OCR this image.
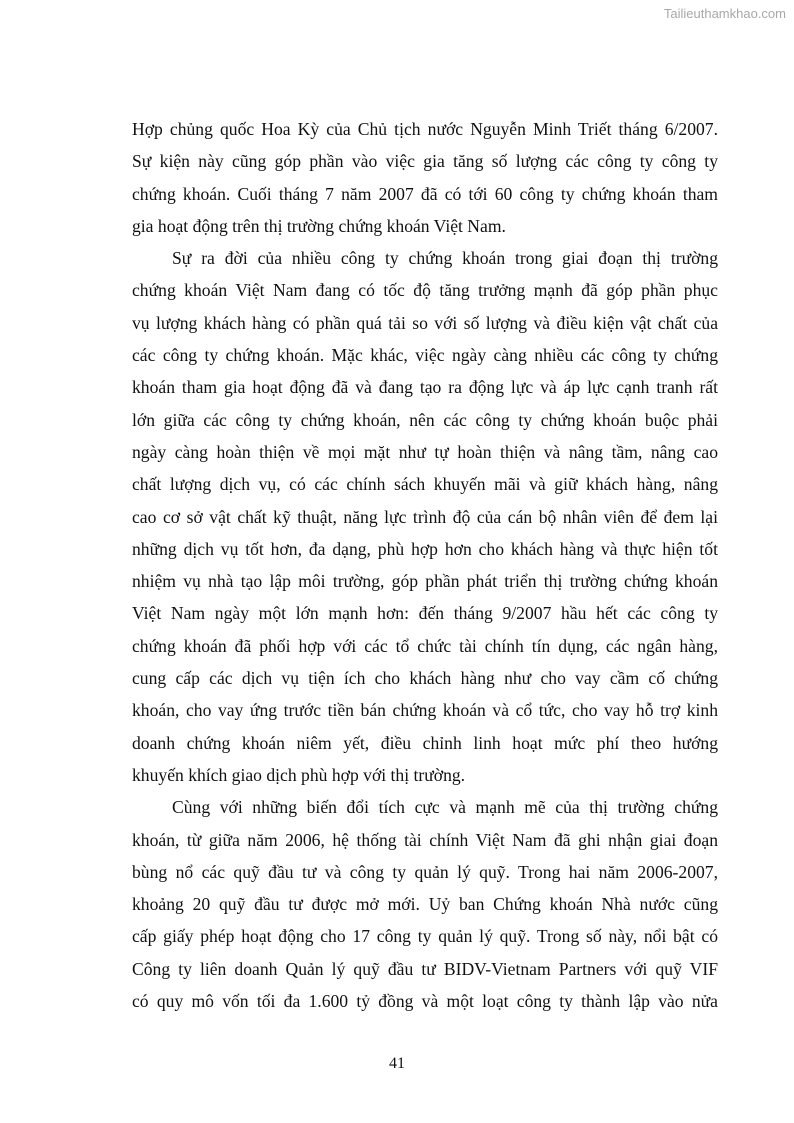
Tailieuthamkhao.com
Hợp chủng quốc Hoa Kỳ của Chủ tịch nước Nguyễn Minh Triết tháng 6/2007.
Sự kiện này cũng góp phần vào việc gia tăng số lượng các công ty công ty
chứng khoán. Cuối tháng 7 năm 2007 đã có tới 60 công ty chứng khoán tham
gia hoạt động trên thị trường chứng khoán Việt Nam.
Sự ra đời của nhiều công ty chứng khoán trong giai đoạn thị trường
chứng khoán Việt Nam đang có tốc độ tăng trưởng mạnh đã góp phần phục
vụ lượng khách hàng có phần quá tải so với số lượng và điều kiện vật chất của
các công ty chứng khoán. Mặc khác, việc ngày càng nhiều các công ty chứng
khoán tham gia hoạt động đã và đang tạo ra động lực và áp lực cạnh tranh rất
lớn giữa các công ty chứng khoán, nên các công ty chứng khoán buộc phải
ngày càng hoàn thiện về mọi mặt như tự hoàn thiện và nâng tầm, nâng cao
chất lượng dịch vụ, có các chính sách khuyến mãi và giữ khách hàng, nâng
cao cơ sở vật chất kỹ thuật, năng lực trình độ của cán bộ nhân viên để đem lại
những dịch vụ tốt hơn, đa dạng, phù hợp hơn cho khách hàng và thực hiện tốt
nhiệm vụ nhà tạo lập môi trường, góp phần phát triển thị trường chứng khoán
Việt Nam ngày một lớn mạnh hơn: đến tháng 9/2007 hầu hết các công ty
chứng khoán đã phối hợp với các tổ chức tài chính tín dụng, các ngân hàng,
cung cấp các dịch vụ tiện ích cho khách hàng như cho vay cầm cố chứng
khoán, cho vay ứng trước tiền bán chứng khoán và cổ tức, cho vay hỗ trợ kinh
doanh chứng khoán niêm yết, điều chỉnh linh hoạt mức phí theo hướng
khuyến khích giao dịch phù hợp với thị trường.
Cùng với những biến đổi tích cực và mạnh mẽ của thị trường chứng
khoán, từ giữa năm 2006, hệ thống tài chính Việt Nam đã ghi nhận giai đoạn
bùng nổ các quỹ đầu tư và công ty quản lý quỹ. Trong hai năm 2006-2007,
khoảng 20 quỹ đầu tư được mở mới. Uỷ ban Chứng khoán Nhà nước cũng
cấp giấy phép hoạt động cho 17 công ty quản lý quỹ. Trong số này, nổi bật có
Công ty liên doanh Quản lý quỹ đầu tư BIDV-Vietnam Partners với quỹ VIF
có quy mô vốn tối đa 1.600 tỷ đồng và một loạt công ty thành lập vào nửa
41
